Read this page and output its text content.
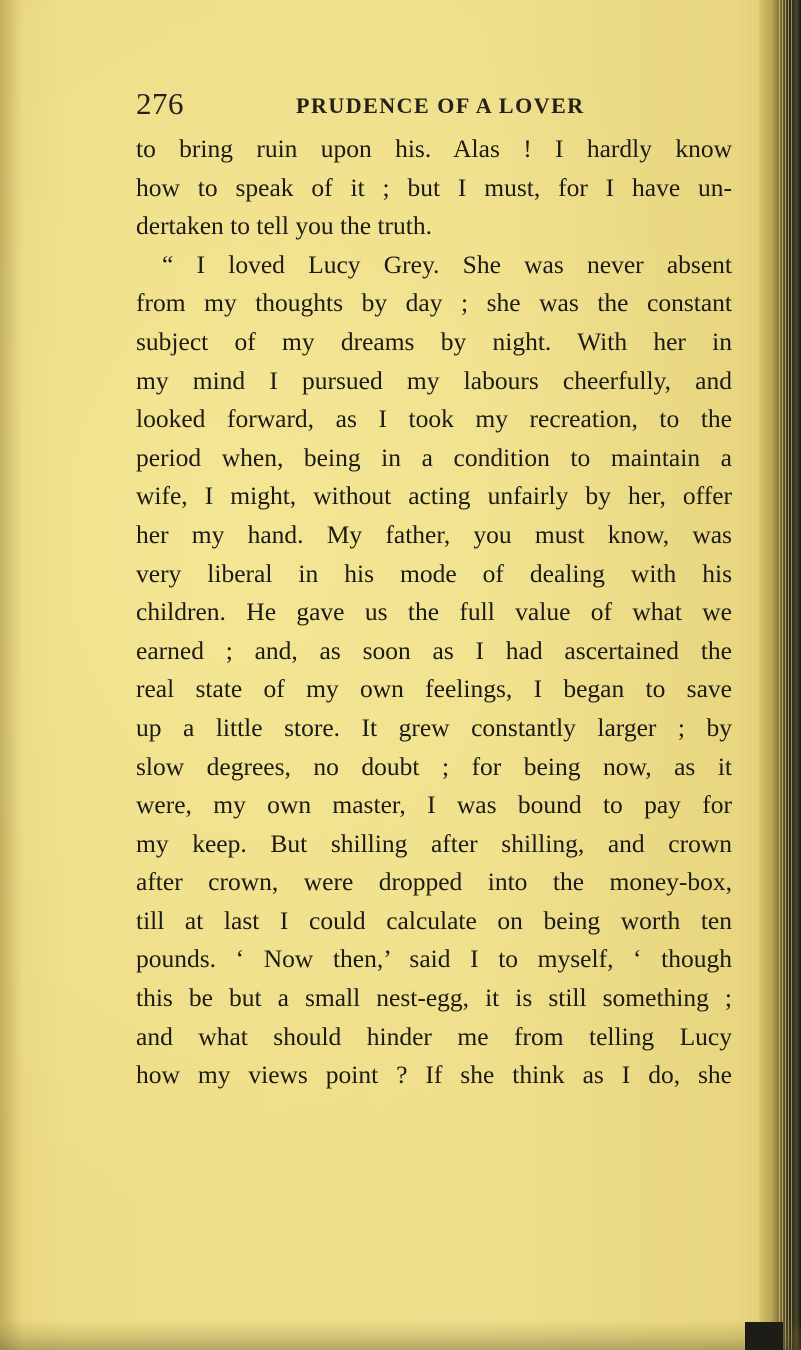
276	PRUDENCE OF A LOVER
to bring ruin upon his. Alas ! I hardly know
how to speak of it ; but I must, for I have un-
dertaken to tell you the truth.
“ I loved Lucy Grey. She was never absent
from my thoughts by day ; she was the constant
subject of my dreams by night. With her in
my mind I pursued my labours cheerfully, and
looked forward, as I took my recreation, to the
period when, being in a condition to maintain a
wife, I might, without acting unfairly by her, offer
her my hand. My father, you must know, was
very liberal in his mode of dealing with his
children. He gave us the full value of what we
earned ; and, as soon as I had ascertained the
real state of my own feelings, I began to save
up a little store. It grew constantly larger ; by
slow degrees, no doubt ; for being now, as it
were, my own master, I was bound to pay for
my keep. But shilling after shilling, and crown
after crown, were dropped into the money-box,
till at last I could calculate on being worth ten
pounds. ‘ Now then,’ said I to myself, ‘ though
this be but a small nest-egg, it is still something ;
and what should hinder me from telling Lucy
how my views point ? If she think as I do, she
